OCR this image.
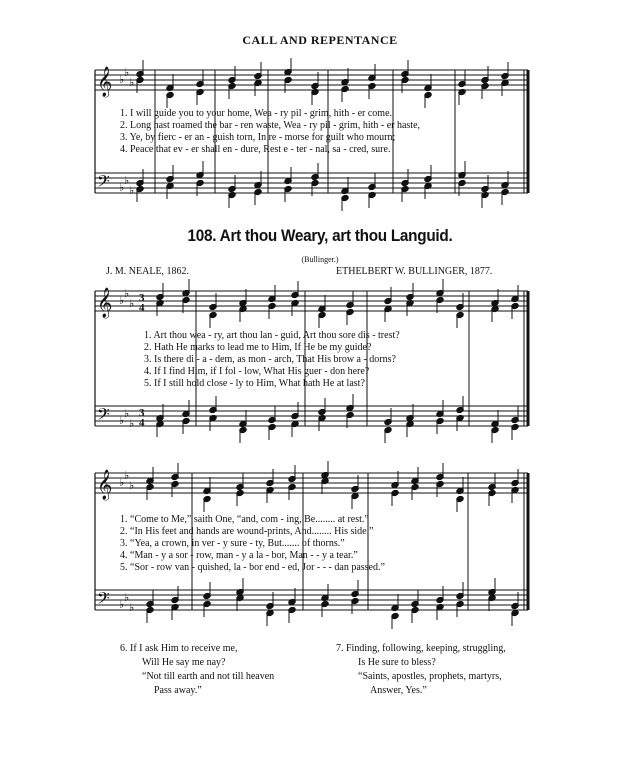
CALL AND REPENTANCE
𝄞
𝄢
♭
♭
♭
♭
♭
♭
𝄞
𝄢
♭
♭
♭
♭
♭
♭
𝄞
𝄢
♭
♭
♭
♭
♭
♭
3
4
3
4
1. I will guide you to your home, Wea - ry pil - grim, hith - er come.
2. Long hast roamed the bar - ren waste, Wea - ry pil - grim, hith - er haste,
3. Ye, by fierc - er an - guish torn, In re - morse for guilt who mourn;
4. Peace that ev - er shall en - dure, Rest e - ter - nal, sa - cred, sure.
108. Art thou Weary, art thou Languid.
(Bullinger.)
J. M. NEALE, 1862.	ETHELBERT W. BULLINGER, 1877.
1. Art thou wea - ry, art thou lan - guid, Art thou sore dis - trest?
2. Hath He marks to lead me to Him, If He be my guide?
3. Is there di - a - dem, as mon - arch, That His brow a - dorns?
4. If I find Him, if I fol - low, What His guer - don here?
5. If I still hold close - ly to Him, What hath He at last?
1. “Come to Me,” saith One, “and, com - ing, Be........ at rest.”
2. “In His feet and hands are wound-prints, And........ His side.”
3. “Yea, a crown, in ver - y sure - ty, But....... of thorns.”
4. “Man - y a sor - row, man - y a la - bor, Man - - y a tear.”
5. “Sor - row van - quished, la - bor end - ed, Jor - - - dan passed.”
6. If I ask Him to receive me,
Will He say me nay?
“Not till earth and not till heaven
Pass away.”
7. Finding, following, keeping, struggling,
Is He sure to bless?
“Saints, apostles, prophets, martyrs,
Answer, Yes.”
